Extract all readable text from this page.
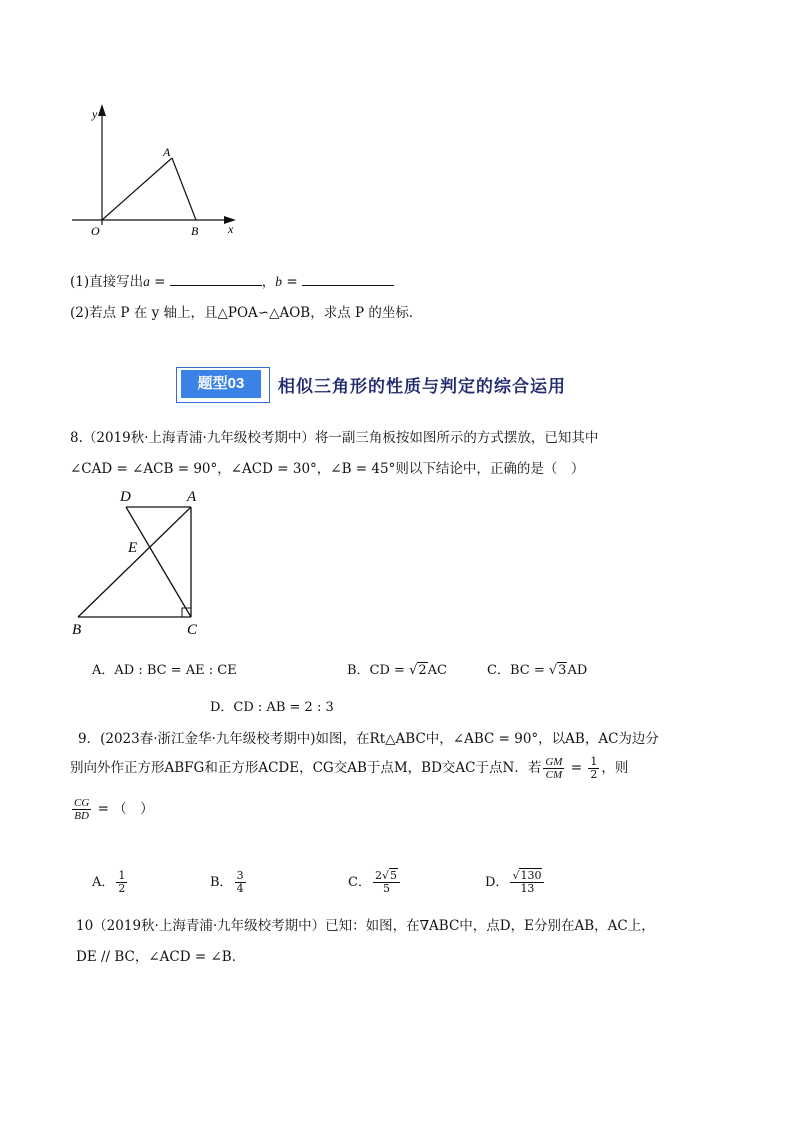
y
x
O
A
B
(1)直接写出a =	，b =
(2)若点 P 在 y 轴上，且△POA∽△AOB，求点 P 的坐标．
题型03	相似三角形的性质与判定的综合运用
8.（2019秋·上海青浦·九年级校考期中）将一副三角板按如图所示的方式摆放，已知其中
∠CAD = ∠ACB = 90°，∠ACD = 30°，∠B = 45°则以下结论中，正确的是（　）
D	A
E
B	C
A．AD : BC = AE : CE	B．CD = √2AC	C．BC = √3AD
D．CD : AB = 2 : 3
9．(2023春·浙江金华·九年级校考期中)如图，在Rt△ABC中，∠ABC = 90°，以AB，AC为边分
别向外作正方形ABFG和正方形ACDE，CG交AB于点M，BD交AC于点N．若 $\frac{GM}{CM} = \frac{1}{2}$ ，则
$\frac{CG}{BD}$ = （　）
A． $\frac{1}{2}$	B． $\frac{3}{4}$	C． $\frac{2√5}{5}$	D． $\frac{√130}{13}$
10（2019秋·上海青浦·九年级校考期中）已知：如图，在∇ABC中，点D，E分别在AB，AC上，
DE // BC，∠ACD = ∠B．
